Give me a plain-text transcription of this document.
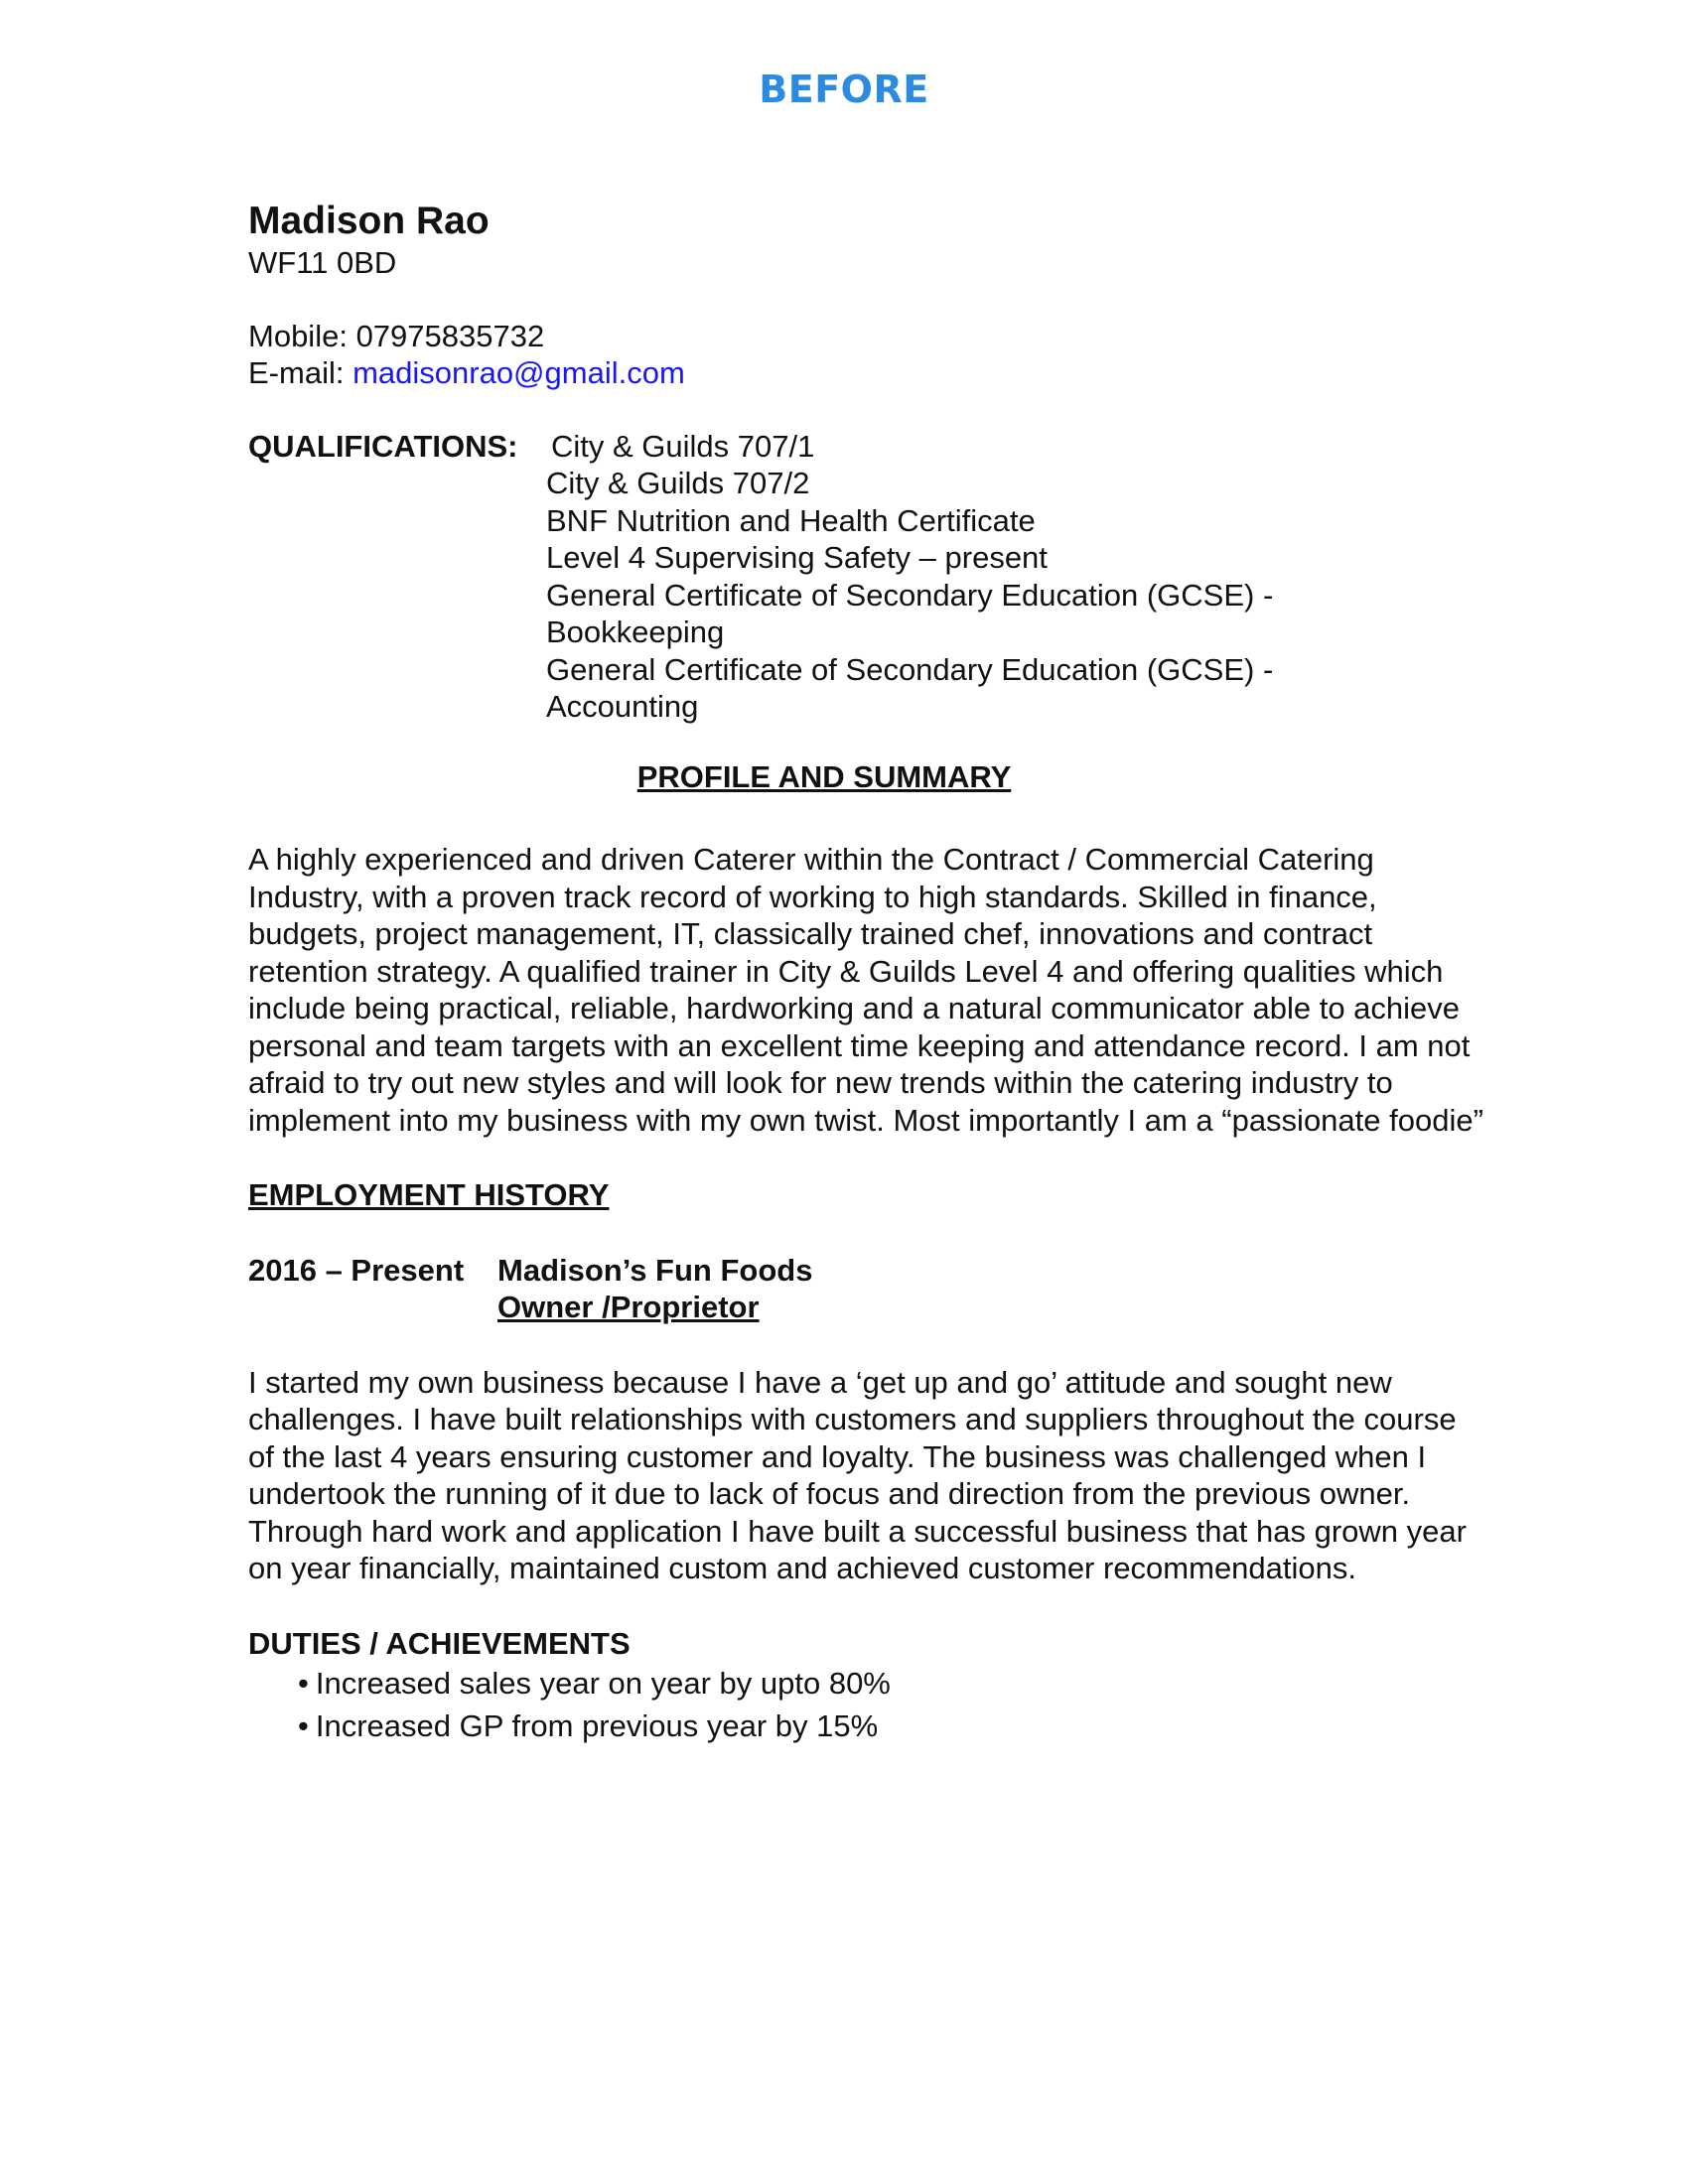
BEFORE
Madison Rao
WF11 0BD
Mobile: 07975835732
E-mail: madisonrao@gmail.com
QUALIFICATIONS: City & Guilds 707/1
City & Guilds 707/2
BNF Nutrition and Health Certificate
Level 4 Supervising Safety – present
General Certificate of Secondary Education (GCSE) - Bookkeeping
General Certificate of Secondary Education (GCSE) - Accounting
PROFILE AND SUMMARY

A highly experienced and driven Caterer within the Contract / Commercial Catering Industry, with a proven track record of working to high standards. Skilled in finance, budgets, project management, IT, classically trained chef, innovations and contract retention strategy. A qualified trainer in City & Guilds Level 4 and offering qualities which include being practical, reliable, hardworking and a natural communicator able to achieve personal and team targets with an excellent time keeping and attendance record. I am not afraid to try out new styles and will look for new trends within the catering industry to implement into my business with my own twist. Most importantly I am a “passionate foodie”

EMPLOYMENT HISTORY
2016 – Present Madison’s Fun Foods
Owner /Proprietor

I started my own business because I have a ‘get up and go’ attitude and sought new challenges. I have built relationships with customers and suppliers throughout the course of the last 4 years ensuring customer and loyalty. The business was challenged when I undertook the running of it due to lack of focus and direction from the previous owner. Through hard work and application I have built a successful business that has grown year on year financially, maintained custom and achieved customer recommendations.

DUTIES / ACHIEVEMENTS
• Increased sales year on year by upto 80%
• Increased GP from previous year by 15%
